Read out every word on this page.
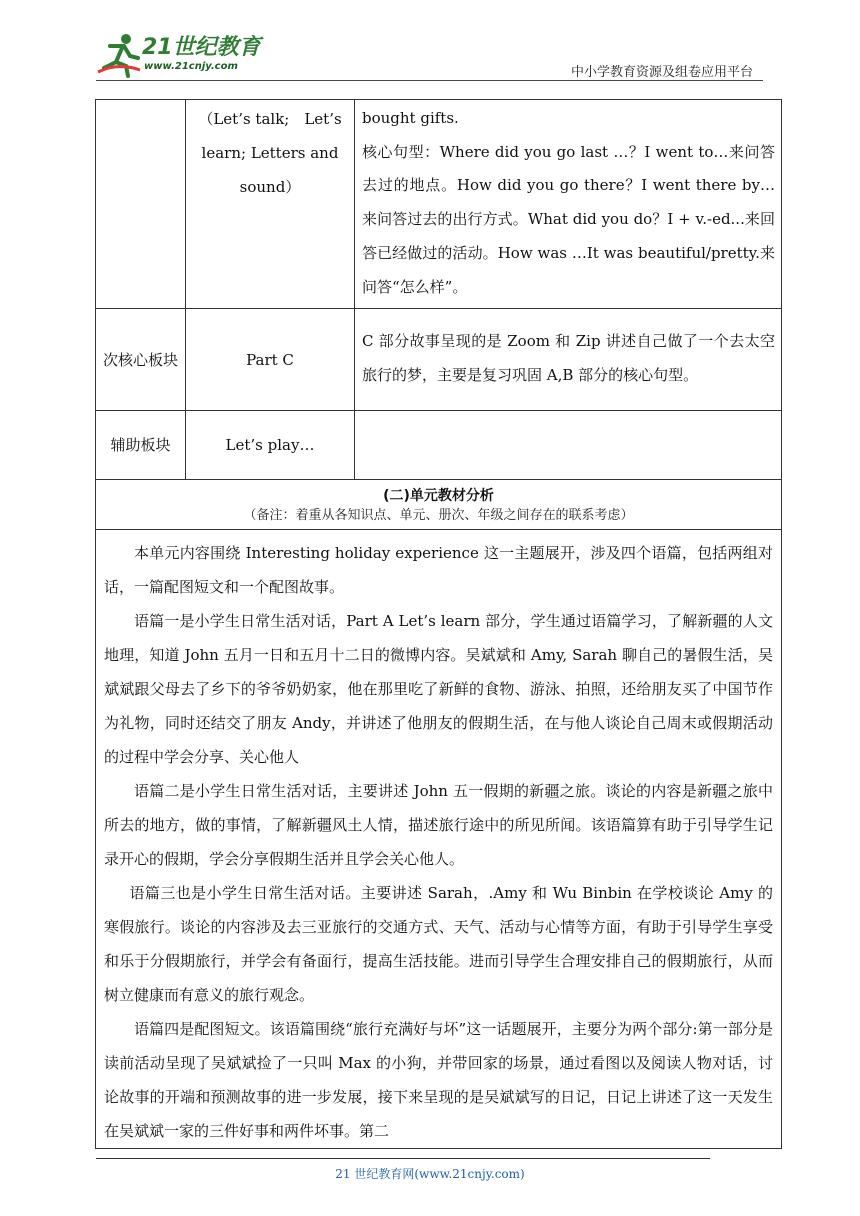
21世纪教育
www.21cnjy.com	中小学教育资源及组卷应用平台
	（Let’s talk;　Let’s learn; Letters and sound）	bought gifts.

核心句型：Where did you go last …？I went to…来问答去过的地点。How did you go there？I went there by…来问答过去的出行方式。What did you do？I + v.-ed...来回答已经做过的活动。How was …It was beautiful/pretty.来问答“怎么样”。

次核心板块	Part C	C 部分故事呈现的是 Zoom 和 Zip 讲述自己做了一个去太空旅行的梦，主要是复习巩固 A,B 部分的核心句型。
辅助板块	Let’s play…	

(二)单元教材分析
（备注：着重从各知识点、单元、册次、年级之间存在的联系考虑）		

本单元内容围绕 Interesting holiday experience 这一主题展开，涉及四个语篇，包括两组对话，一篇配图短文和一个配图故事。

语篇一是小学生日常生活对话，Part A Let’s learn 部分，学生通过语篇学习，了解新疆的人文地理，知道 John 五月一日和五月十二日的微博内容。吴斌斌和 Amy, Sarah 聊自己的暑假生活，吴斌斌跟父母去了乡下的爷爷奶奶家，他在那里吃了新鲜的食物、游泳、拍照，还给朋友买了中国节作为礼物，同时还结交了朋友 Andy，并讲述了他朋友的假期生活，在与他人谈论自己周末或假期活动的过程中学会分享、关心他人

语篇二是小学生日常生活对话，主要讲述 John 五一假期的新疆之旅。谈论的内容是新疆之旅中所去的地方，做的事情，了解新疆风土人情，描述旅行途中的所见所闻。该语篇算有助于引导学生记录开心的假期，学会分享假期生活并且学会关心他人。

语篇三也是小学生日常生活对话。主要讲述 Sarah，.Amy 和 Wu Binbin 在学校谈论 Amy 的寒假旅行。谈论的内容涉及去三亚旅行的交通方式、天气、活动与心情等方面，有助于引导学生享受和乐于分假期旅行，并学会有备面行，提高生活技能。进而引导学生合理安排自己的假期旅行，从而树立健康而有意义的旅行观念。

语篇四是配图短文。该语篇围绕“旅行充满好与坏”这一话题展开，主要分为两个部分:第一部分是读前活动呈现了吴斌斌捡了一只叫 Max 的小狗，并带回家的场景，通过看图以及阅读人物对话，讨论故事的开端和预测故事的进一步发展，接下来呈现的是吴斌斌写的日记，日记上讲述了这一天发生在吴斌斌一家的三件好事和两件坏事。第二		

21 世纪教育网(www.21cnjy.com)
